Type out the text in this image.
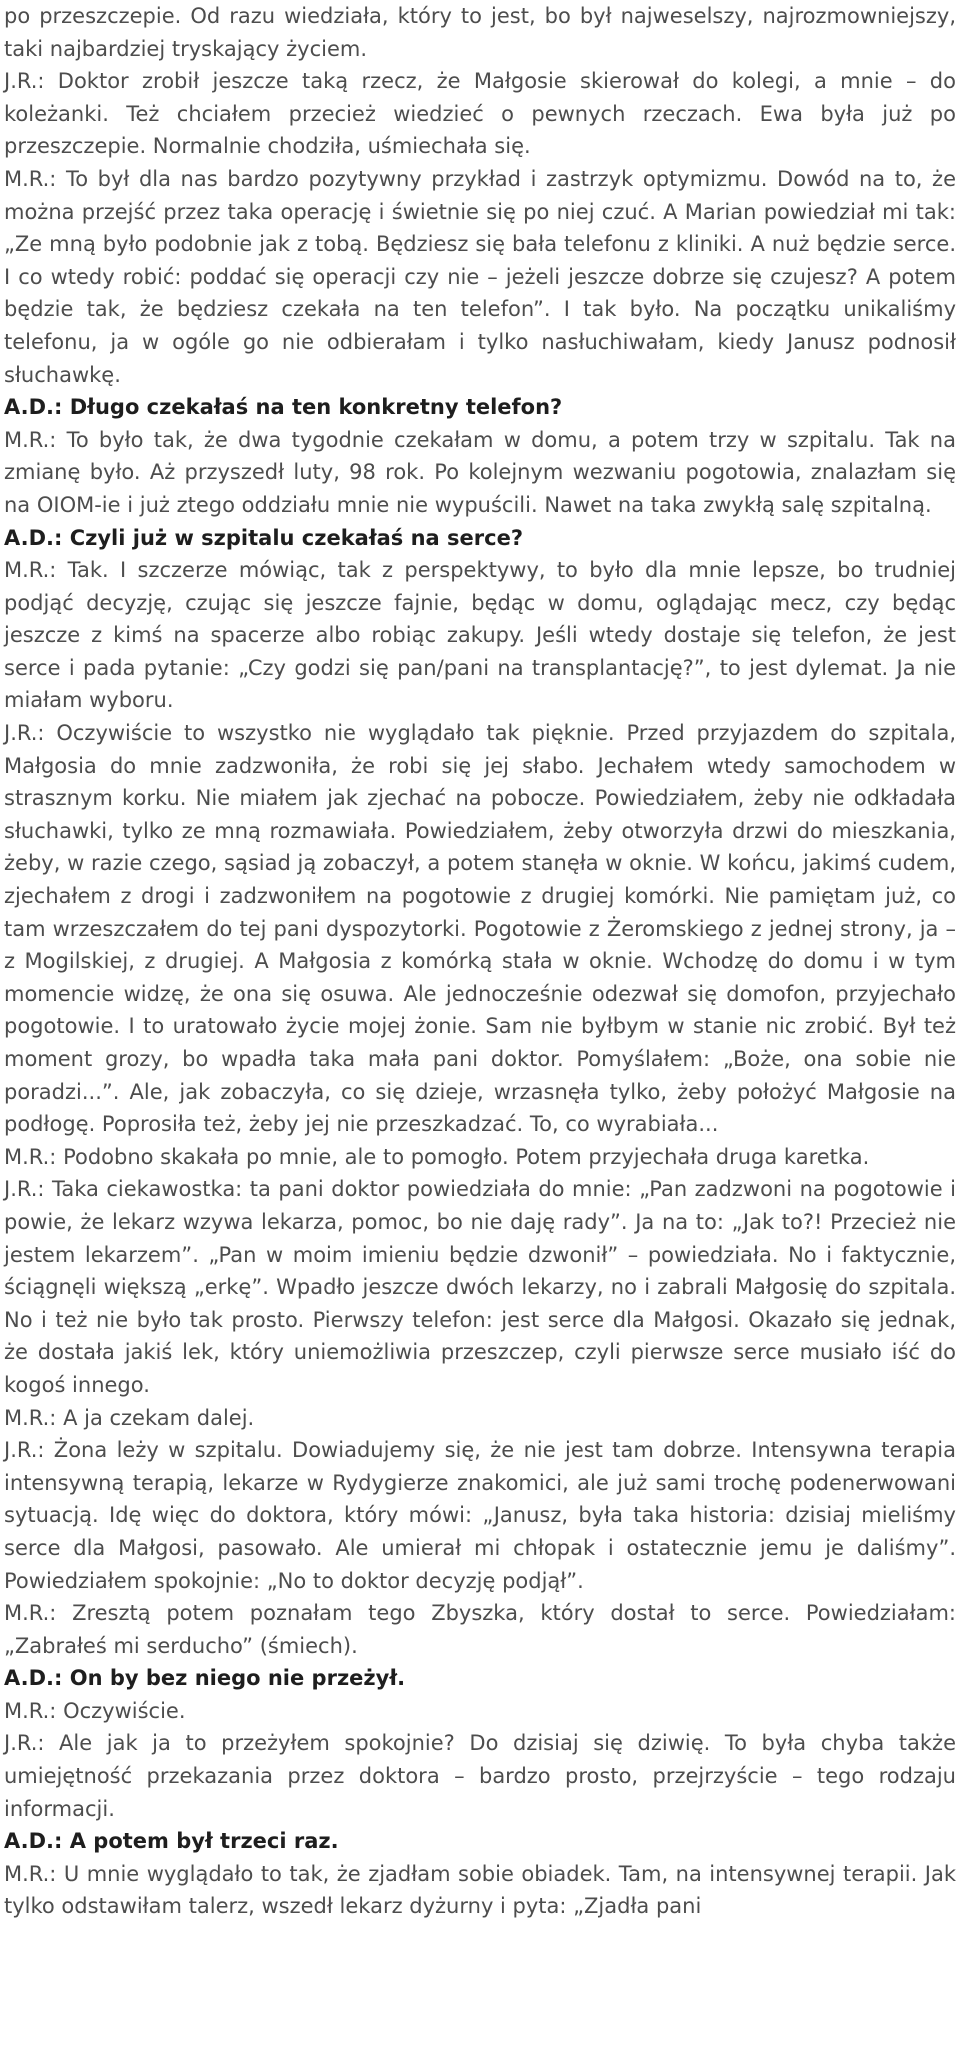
po przeszczepie. Od razu wiedziała, który to jest, bo był najweselszy, najrozmowniejszy, taki najbardziej tryskający życiem.

J.R.: Doktor zrobił jeszcze taką rzecz, że Małgosie skierował do kolegi, a mnie – do koleżanki. Też chciałem przecież wiedzieć o pewnych rzeczach. Ewa była już po przeszczepie. Normalnie chodziła, uśmiechała się.

M.R.: To był dla nas bardzo pozytywny przykład i zastrzyk optymizmu. Dowód na to, że można przejść przez taka operację i świetnie się po niej czuć. A Marian powiedział mi tak: „Ze mną było podobnie jak z tobą. Będziesz się bała telefonu z kliniki. A nuż będzie serce. I co wtedy robić: poddać się operacji czy nie – jeżeli jeszcze dobrze się czujesz? A potem będzie tak, że będziesz czekała na ten telefon”. I tak było. Na początku unikaliśmy telefonu, ja w ogóle go nie odbierałam i tylko nasłuchiwałam, kiedy Janusz podnosił słuchawkę.

A.D.: Długo czekałaś na ten konkretny telefon?

M.R.: To było tak, że dwa tygodnie czekałam w domu, a potem trzy w szpitalu. Tak na zmianę było. Aż przyszedł luty, 98 rok. Po kolejnym wezwaniu pogotowia, znalazłam się na OIOM-ie i już ztego oddziału mnie nie wypuścili. Nawet na taka zwykłą salę szpitalną.

A.D.: Czyli już w szpitalu czekałaś na serce?

M.R.: Tak. I szczerze mówiąc, tak z perspektywy, to było dla mnie lepsze, bo trudniej podjąć decyzję, czując się jeszcze fajnie, będąc w domu, oglądając mecz, czy będąc jeszcze z kimś na spacerze albo robiąc zakupy. Jeśli wtedy dostaje się telefon, że jest serce i pada pytanie: „Czy godzi się pan/pani na transplantację?”, to jest dylemat. Ja nie miałam wyboru.

J.R.: Oczywiście to wszystko nie wyglądało tak pięknie. Przed przyjazdem do szpitala, Małgosia do mnie zadzwoniła, że robi się jej słabo. Jechałem wtedy samochodem w strasznym korku. Nie miałem jak zjechać na pobocze. Powiedziałem, żeby nie odkładała słuchawki, tylko ze mną rozmawiała. Powiedziałem, żeby otworzyła drzwi do mieszkania, żeby, w razie czego, sąsiad ją zobaczył, a potem stanęła w oknie. W końcu, jakimś cudem, zjechałem z drogi i zadzwoniłem na pogotowie z drugiej komórki. Nie pamiętam już, co tam wrzeszczałem do tej pani dyspozytorki. Pogotowie z Żeromskiego z jednej strony, ja – z Mogilskiej, z drugiej. A Małgosia z komórką stała w oknie. Wchodzę do domu i w tym momencie widzę, że ona się osuwa. Ale jednocześnie odezwał się domofon, przyjechało pogotowie. I to uratowało życie mojej żonie. Sam nie byłbym w stanie nic zrobić. Był też moment grozy, bo wpadła taka mała pani doktor. Pomyślałem: „Boże, ona sobie nie poradzi...”. Ale, jak zobaczyła, co się dzieje, wrzasnęła tylko, żeby położyć Małgosie na podłogę. Poprosiła też, żeby jej nie przeszkadzać. To, co wyrabiała...

M.R.: Podobno skakała po mnie, ale to pomogło. Potem przyjechała druga karetka.

J.R.: Taka ciekawostka: ta pani doktor powiedziała do mnie: „Pan zadzwoni na pogotowie i powie, że lekarz wzywa lekarza, pomoc, bo nie daję rady”. Ja na to: „Jak to?! Przecież nie jestem lekarzem”. „Pan w moim imieniu będzie dzwonił” – powiedziała. No i faktycznie, ściągnęli większą „erkę”. Wpadło jeszcze dwóch lekarzy, no i zabrali Małgosię do szpitala. No i też nie było tak prosto. Pierwszy telefon: jest serce dla Małgosi. Okazało się jednak, że dostała jakiś lek, który uniemożliwia przeszczep, czyli pierwsze serce musiało iść do kogoś innego.

M.R.: A ja czekam dalej.

J.R.: Żona leży w szpitalu. Dowiadujemy się, że nie jest tam dobrze. Intensywna terapia intensywną terapią, lekarze w Rydygierze znakomici, ale już sami trochę podenerwowani sytuacją. Idę więc do doktora, który mówi: „Janusz, była taka historia: dzisiaj mieliśmy serce dla Małgosi, pasowało. Ale umierał mi chłopak i ostatecznie jemu je daliśmy”. Powiedziałem spokojnie: „No to doktor decyzję podjął”.

M.R.: Zresztą potem poznałam tego Zbyszka, który dostał to serce. Powiedziałam: „Zabrałeś mi serducho” (śmiech).

A.D.: On by bez niego nie przeżył.

M.R.: Oczywiście.

J.R.: Ale jak ja to przeżyłem spokojnie? Do dzisiaj się dziwię. To była chyba także umiejętność przekazania przez doktora – bardzo prosto, przejrzyście – tego rodzaju informacji.

A.D.: A potem był trzeci raz.

M.R.: U mnie wyglądało to tak, że zjadłam sobie obiadek. Tam, na intensywnej terapii. Jak tylko odstawiłam talerz, wszedł lekarz dyżurny i pyta: „Zjadła pani
